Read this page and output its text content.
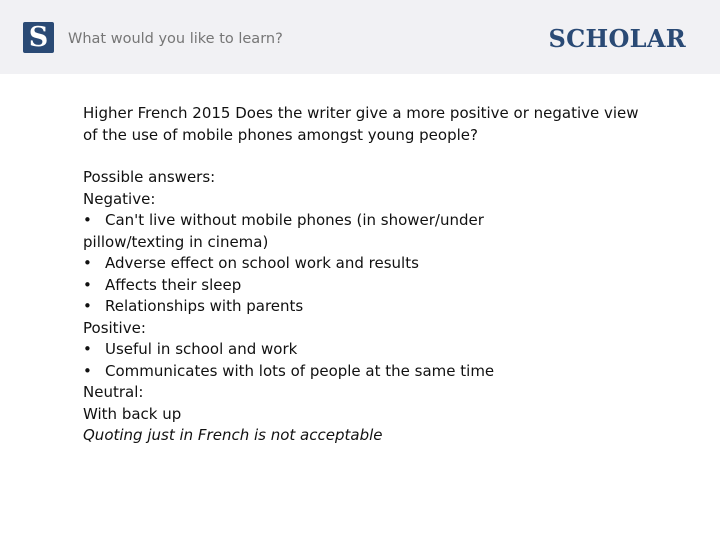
S	What would you like to learn?	SCHOLAR

Higher French 2015 Does the writer give a more positive or negative view of the use of mobile phones amongst young people?

Possible answers:

Negative:

• Can't live without mobile phones (in shower/under

pillow/texting in cinema)

• Adverse effect on school work and results

• Affects their sleep

• Relationships with parents

Positive:

• Useful in school and work

• Communicates with lots of people at the same time

Neutral:

With back up

Quoting just in French is not acceptable
